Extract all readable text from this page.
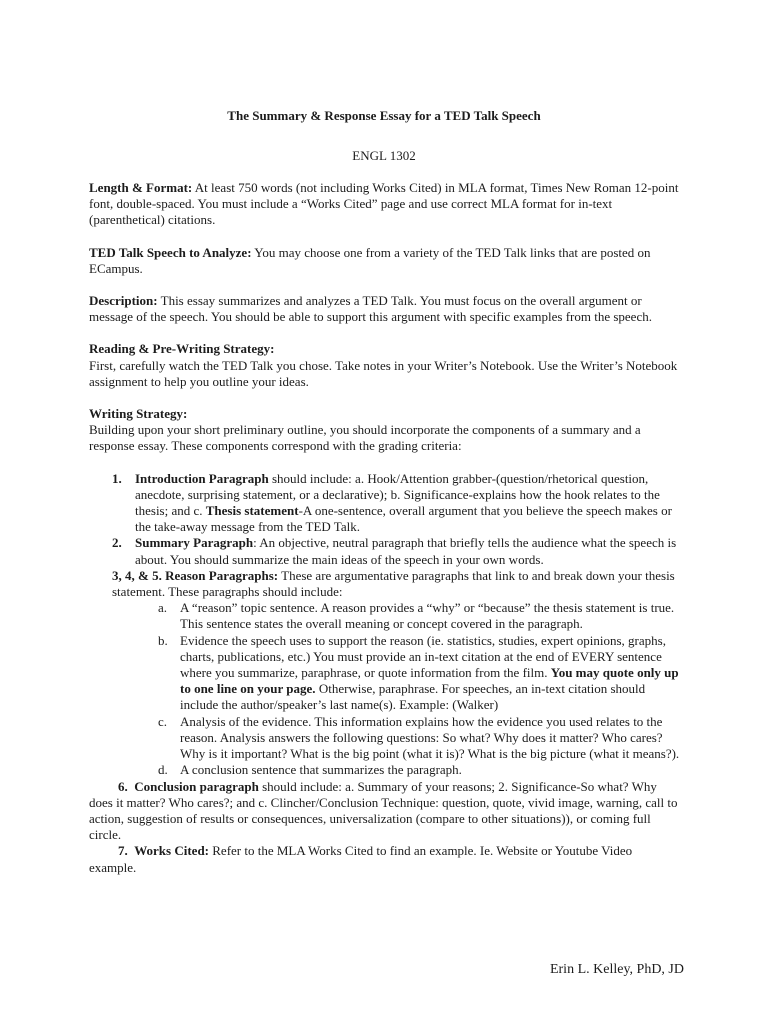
The Summary & Response Essay for a TED Talk Speech
ENGL 1302

Length & Format: At least 750 words (not including Works Cited) in MLA format, Times New Roman 12-point font, double-spaced. You must include a “Works Cited” page and use correct MLA format for in-text (parenthetical) citations.

TED Talk Speech to Analyze: You may choose one from a variety of the TED Talk links that are posted on ECampus.

Description: This essay summarizes and analyzes a TED Talk. You must focus on the overall argument or message of the speech. You should be able to support this argument with specific examples from the speech.

Reading & Pre-Writing Strategy:
First, carefully watch the TED Talk you chose. Take notes in your Writer’s Notebook. Use the Writer’s Notebook assignment to help you outline your ideas.
Writing Strategy:
Building upon your short preliminary outline, you should incorporate the components of a summary and a response essay. These components correspond with the grading criteria:
1. Introduction Paragraph should include: a. Hook/Attention grabber-(question/rhetorical question, anecdote, surprising statement, or a declarative); b. Significance-explains how the hook relates to the thesis; and c. Thesis statement-A one-sentence, overall argument that you believe the speech makes or the take-away message from the TED Talk.
2. Summary Paragraph: An objective, neutral paragraph that briefly tells the audience what the speech is about. You should summarize the main ideas of the speech in your own words.
3, 4, & 5. Reason Paragraphs: These are argumentative paragraphs that link to and break down your thesis statement. These paragraphs should include:
a. A “reason” topic sentence. A reason provides a “why” or “because” the thesis statement is true. This sentence states the overall meaning or concept covered in the paragraph.
b. Evidence the speech uses to support the reason (ie. statistics, studies, expert opinions, graphs, charts, publications, etc.) You must provide an in-text citation at the end of EVERY sentence where you summarize, paraphrase, or quote information from the film. You may quote only up to one line on your page. Otherwise, paraphrase. For speeches, an in-text citation should include the author/speaker’s last name(s). Example: (Walker)
c. Analysis of the evidence. This information explains how the evidence you used relates to the reason. Analysis answers the following questions: So what? Why does it matter? Who cares? Why is it important? What is the big point (what it is)? What is the big picture (what it means?).
d. A conclusion sentence that summarizes the paragraph.
6. Conclusion paragraph should include: a. Summary of your reasons; 2. Significance-So what? Why does it matter? Who cares?; and c. Clincher/Conclusion Technique: question, quote, vivid image, warning, call to action, suggestion of results or consequences, universalization (compare to other situations)), or coming full circle.
7. Works Cited: Refer to the MLA Works Cited to find an example. Ie. Website or Youtube Video example.
Erin L. Kelley, PhD, JD
